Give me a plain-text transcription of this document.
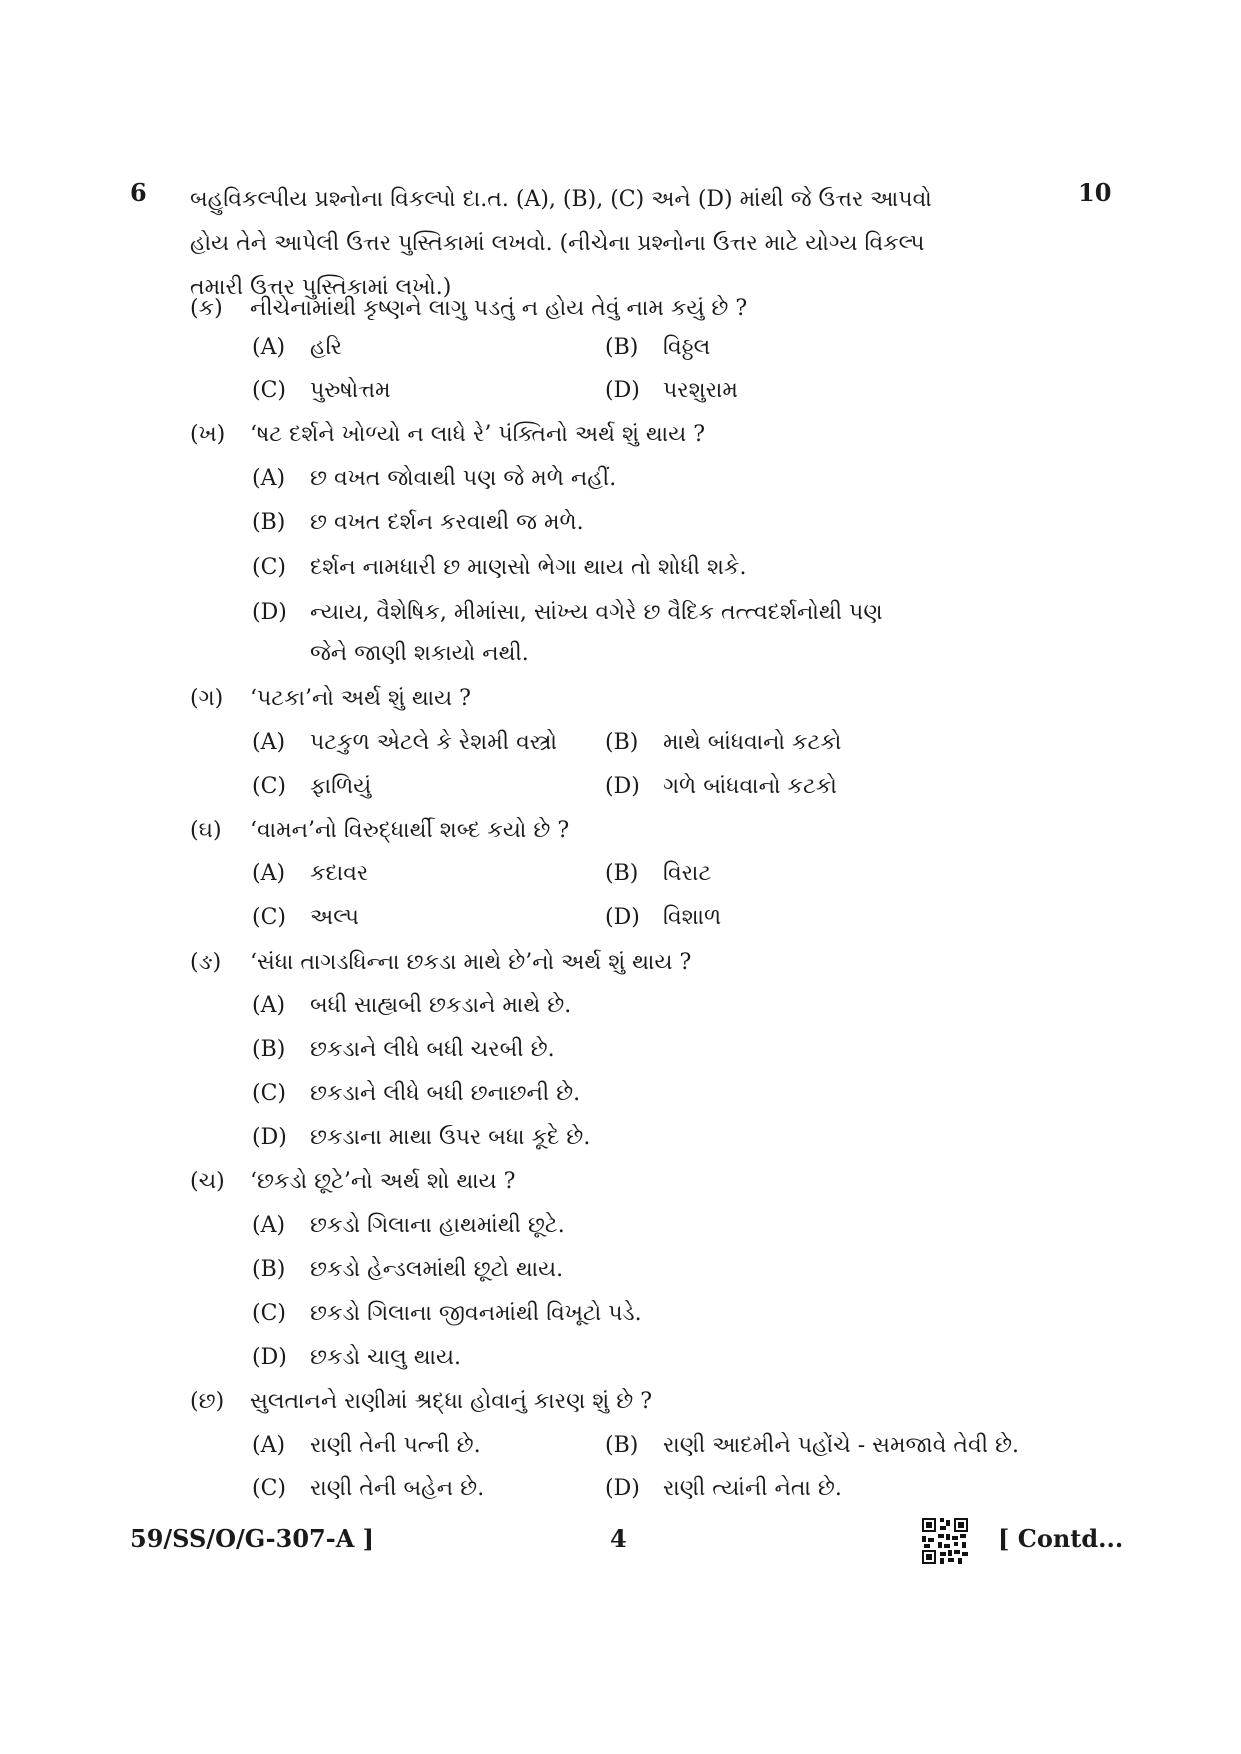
6	10
બહુવિકલ્પીય પ્રશ્નોના વિકલ્પો દા.ત. (A), (B), (C) અને (D) માંથી જે ઉત્તર આપવો
હોય તેને આપેલી ઉત્તર પુસ્તિકામાં લખવો. (નીચેના પ્રશ્નોના ઉત્તર માટે યોગ્ય વિકલ્પ
તમારી ઉત્તર પુસ્તિકામાં લખો.)
(ક) નીચેનામાંથી કૃષ્ણને લાગુ પડતું ન હોય તેવું નામ કયું છે ?
(A) હરિ	(B) વિઠ્ઠલ
(C) પુરુષોત્તમ	(D) પરશુરામ
(ખ) ‘ષટ દર્શને ખોળ્યો ન લાધે રે’ પંક્તિનો અર્થ શું થાય ?
(A) છ વખત જોવાથી પણ જે મળે નહીં.
(B) છ વખત દર્શન કરવાથી જ મળે.
(C) દર્શન નામધારી છ માણસો ભેગા થાય તો શોધી શકે.
(D) ન્યાય, વૈશેષિક, મીમાંસા, સાંખ્ય વગેરે છ વૈદિક તત્ત્વદર્શનોથી પણ
જેને જાણી શકાયો નથી.
(ગ) ‘પટકા’નો અર્થ શું થાય ?
(A) પટકુળ એટલે કે રેશમી વસ્ત્રો (B) માથે બાંધવાનો કટકો
(C) ફાળિયું	(D) ગળે બાંધવાનો કટકો
(ઘ) ‘વામન’નો વિરુદ્ધાર્થી શબ્દ કયો છે ?
(A) કદાવર	(B) વિરાટ
(C) અલ્પ	(D) વિશાળ
(ઙ) ‘સંધા તાગડધિન્ના છકડા માથે છે’નો અર્થ શું થાય ?
(A) બધી સાહ્યબી છકડાને માથે છે.
(B) છકડાને લીધે બધી ચરબી છે.
(C) છકડાને લીધે બધી છનાછની છે.
(D) છકડાના માથા ઉપર બધા કૂદે છે.
(ચ) ‘છકડો છૂટે’નો અર્થ શો થાય ?
(A) છકડો ગિલાના હાથમાંથી છૂટે.
(B) છકડો હેન્ડલમાંથી છૂટો થાય.
(C) છકડો ગિલાના જીવનમાંથી વિખૂટો પડે.
(D) છકડો ચાલુ થાય.
(છ) સુલતાનને રાણીમાં શ્રદ્ધા હોવાનું કારણ શું છે ?
(A) રાણી તેની પત્ની છે.	(B) રાણી આદમીને પહોંચે - સમજાવે તેવી છે.
(C) રાણી તેની બહેન છે.	(D) રાણી ત્યાંની નેતા છે.
59/SS/O/G-307-A ]	4	[ Contd...
